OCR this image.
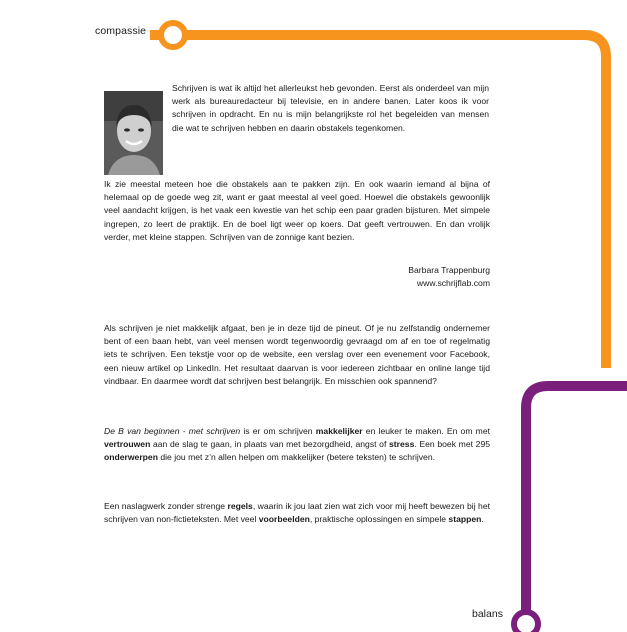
compassie
balans

Schrijven is wat ik altijd het allerleukst heb gevonden. Eerst als onderdeel van mijn werk als bureauredacteur bij televisie, en in andere banen. Later koos ik voor schrijven in opdracht. En nu is mijn belangrijkste rol het begeleiden van mensen die wat te schrijven hebben en daarin obstakels tegenkomen.

Ik zie meestal meteen hoe die obstakels aan te pakken zijn. En ook waarin iemand al bijna of helemaal op de goede weg zit, want er gaat meestal al veel goed. Hoewel die obstakels gewoonlijk veel aandacht krijgen, is het vaak een kwestie van het schip een paar graden bijsturen. Met simpele ingrepen, zo leert de praktijk. En de boel ligt weer op koers. Dat geeft vertrouwen. En dan vrolijk verder, met kleine stappen. Schrijven van de zonnige kant bezien.

Barbara Trappenburg
www.schrijflab.com

Als schrijven je niet makkelijk afgaat, ben je in deze tijd de pineut. Of je nu zelfstandig ondernemer bent of een baan hebt, van veel mensen wordt tegenwoordig gevraagd om af en toe of regelmatig iets te schrijven. Een tekstje voor op de website, een verslag over een evenement voor Facebook, een nieuw artikel op LinkedIn. Het resultaat daarvan is voor iedereen zichtbaar en online lange tijd vindbaar. En daarmee wordt dat schrijven best belangrijk. En misschien ook spannend?

De B van beginnen - met schrijven is er om schrijven makkelijker en leuker te maken. En om met vertrouwen aan de slag te gaan, in plaats van met bezorgdheid, angst of stress. Een boek met 295 onderwerpen die jou met z’n allen helpen om makkelijker (betere teksten) te schrijven.

Een naslagwerk zonder strenge regels, waarin ik jou laat zien wat zich voor mij heeft bewezen bij het schrijven van non-fictieteksten. Met veel voorbeelden, praktische oplossingen en simpele stappen.
